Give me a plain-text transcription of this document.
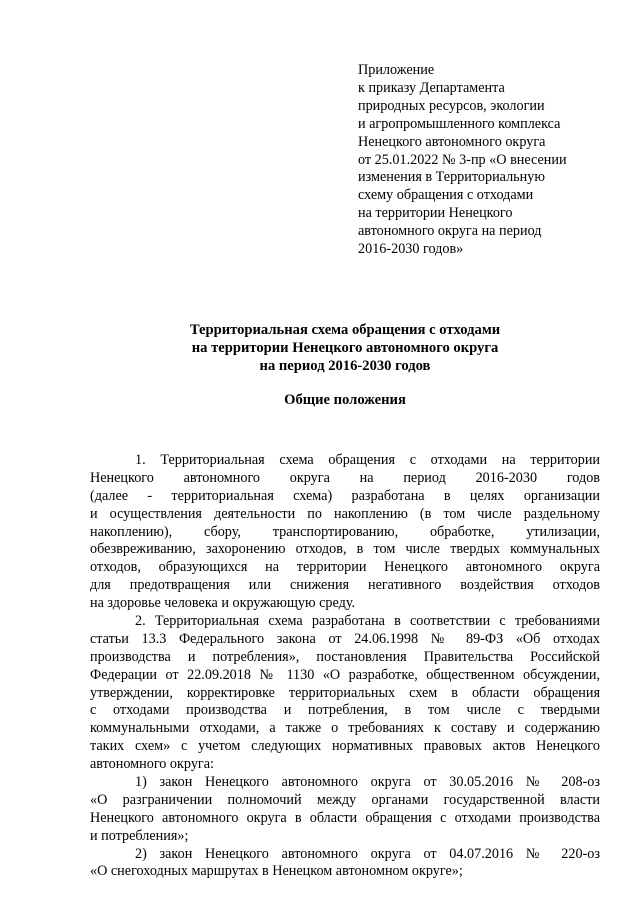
Приложение
к приказу Департамента
природных ресурсов, экологии
и агропромышленного комплекса
Ненецкого автономного округа
от 25.01.2022 № 3-пр «О внесении
изменения в Территориальную
схему обращения с отходами
на территории Ненецкого
автономного округа на период
2016-2030 годов»
Территориальная схема обращения с отходами
на территории Ненецкого автономного округа
на период 2016-2030 годов
Общие положения
1. Территориальная схема обращения с отходами на территории
Ненецкого автономного округа на период 2016-2030 годов
(далее - территориальная схема) разработана в целях организации
и осуществления деятельности по накоплению (в том числе раздельному
накоплению), сбору, транспортированию, обработке, утилизации,
обезвреживанию, захоронению отходов, в том числе твердых коммунальных
отходов, образующихся на территории Ненецкого автономного округа
для предотвращения или снижения негативного воздействия отходов
на здоровье человека и окружающую среду.
2. Территориальная схема разработана в соответствии с требованиями
статьи 13.3 Федерального закона от 24.06.1998 № 89-ФЗ «Об отходах
производства и потребления», постановления Правительства Российской
Федерации от 22.09.2018 № 1130 «О разработке, общественном обсуждении,
утверждении, корректировке территориальных схем в области обращения
с отходами производства и потребления, в том числе с твердыми
коммунальными отходами, а также о требованиях к составу и содержанию
таких схем» с учетом следующих нормативных правовых актов Ненецкого
автономного округа:
1) закон Ненецкого автономного округа от 30.05.2016 № 208-оз
«О разграничении полномочий между органами государственной власти
Ненецкого автономного округа в области обращения с отходами производства
и потребления»;
2) закон Ненецкого автономного округа от 04.07.2016 № 220-оз
«О снегоходных маршрутах в Ненецком автономном округе»;
